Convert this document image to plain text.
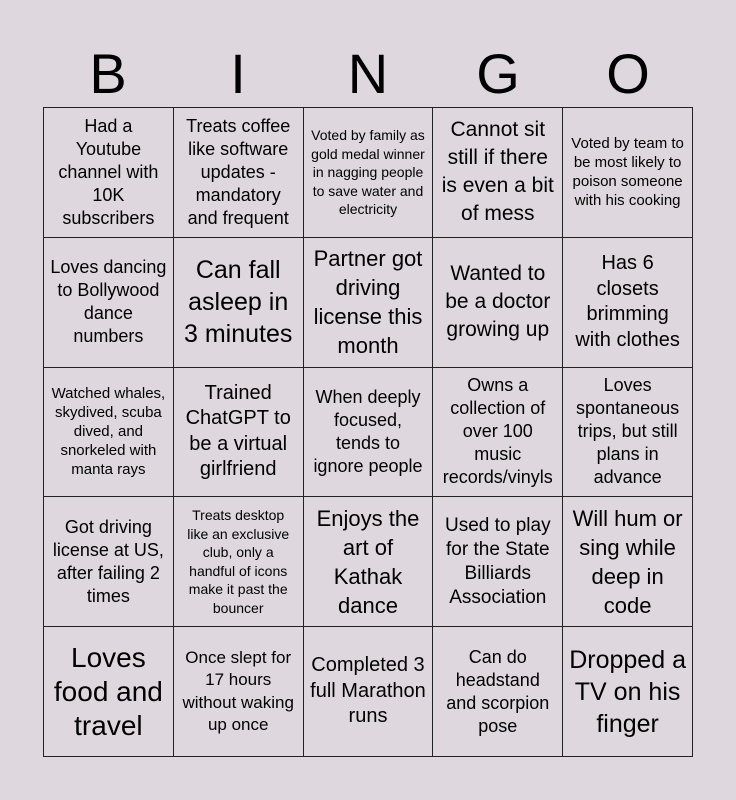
B	I	N	G	O
Had a Youtube channel with 10K subscribers
Treats coffee like software updates - mandatory and frequent
Voted by family as gold medal winner in nagging people to save water and electricity
Cannot sit still if there is even a bit of mess
Voted by team to be most likely to poison someone with his cooking
Loves dancing to Bollywood dance numbers
Can fall asleep in 3 minutes
Partner got driving license this month
Wanted to be a doctor growing up
Has 6 closets brimming with clothes
Watched whales, skydived, scuba dived, and snorkeled with manta rays
Trained ChatGPT to be a virtual girlfriend
When deeply focused, tends to ignore people
Owns a collection of over 100 music records/vinyls
Loves spontaneous trips, but still plans in advance
Got driving license at US, after failing 2 times
Treats desktop like an exclusive club, only a handful of icons make it past the bouncer
Enjoys the art of Kathak dance
Used to play for the State Billiards Association
Will hum or sing while deep in code
Loves food and travel
Once slept for 17 hours without waking up once
Completed 3 full Marathon runs
Can do headstand and scorpion pose
Dropped a TV on his finger
